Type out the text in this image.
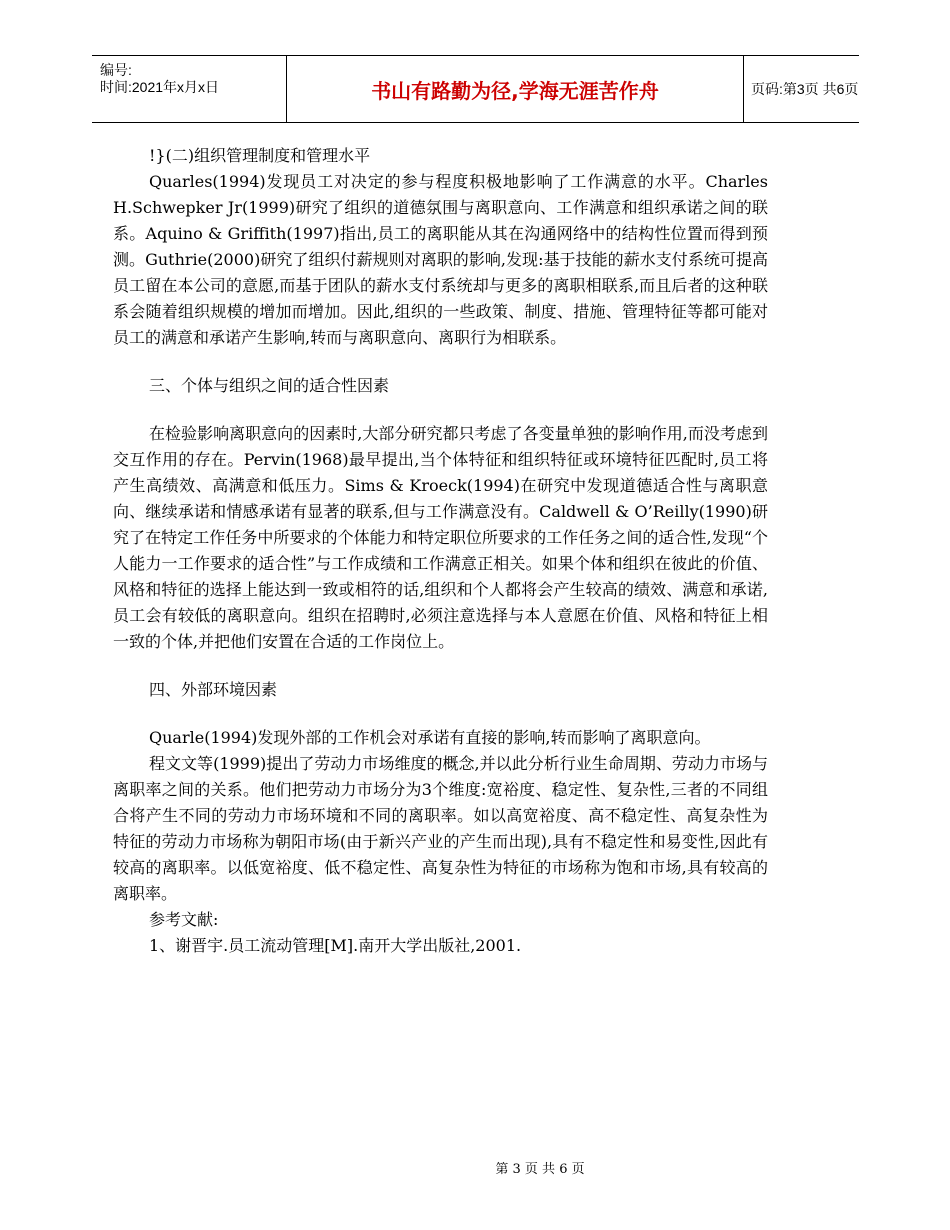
编号:
时间:2021年x月x日	书山有路勤为径,学海无涯苦作舟	页码:第3页 共6页

!}(二)组织管理制度和管理水平

Quarles(1994)发现员工对决定的参与程度积极地影响了工作满意的水平。Charles H.Schwepker Jr(1999)研究了组织的道德氛围与离职意向、工作满意和组织承诺之间的联系。Aquino & Griffith(1997)指出,员工的离职能从其在沟通网络中的结构性位置而得到预测。Guthrie(2000)研究了组织付薪规则对离职的影响,发现:基于技能的薪水支付系统可提高员工留在本公司的意愿,而基于团队的薪水支付系统却与更多的离职相联系,而且后者的这种联系会随着组织规模的增加而增加。因此,组织的一些政策、制度、措施、管理特征等都可能对员工的满意和承诺产生影响,转而与离职意向、离职行为相联系。

三、个体与组织之间的适合性因素

在检验影响离职意向的因素时,大部分研究都只考虑了各变量单独的影响作用,而没考虑到交互作用的存在。Pervin(1968)最早提出,当个体特征和组织特征或环境特征匹配时,员工将产生高绩效、高满意和低压力。Sims & Kroeck(1994)在研究中发现道德适合性与离职意向、继续承诺和情感承诺有显著的联系,但与工作满意没有。Caldwell & O’Reilly(1990)研究了在特定工作任务中所要求的个体能力和特定职位所要求的工作任务之间的适合性,发现“个人能力一工作要求的适合性”与工作成绩和工作满意正相关。如果个体和组织在彼此的价值、风格和特征的选择上能达到一致或相符的话,组织和个人都将会产生较高的绩效、满意和承诺,员工会有较低的离职意向。组织在招聘时,必须注意选择与本人意愿在价值、风格和特征上相一致的个体,并把他们安置在合适的工作岗位上。

四、外部环境因素

Quarle(1994)发现外部的工作机会对承诺有直接的影响,转而影响了离职意向。

程文文等(1999)提出了劳动力市场维度的概念,并以此分析行业生命周期、劳动力市场与离职率之间的关系。他们把劳动力市场分为3个维度:宽裕度、稳定性、复杂性,三者的不同组合将产生不同的劳动力市场环境和不同的离职率。如以高宽裕度、高不稳定性、高复杂性为特征的劳动力市场称为朝阳市场(由于新兴产业的产生而出现),具有不稳定性和易变性,因此有较高的离职率。以低宽裕度、低不稳定性、高复杂性为特征的市场称为饱和市场,具有较高的离职率。

参考文献:

1、谢晋宇.员工流动管理[M].南开大学出版社,2001.

第 3 页 共 6 页
